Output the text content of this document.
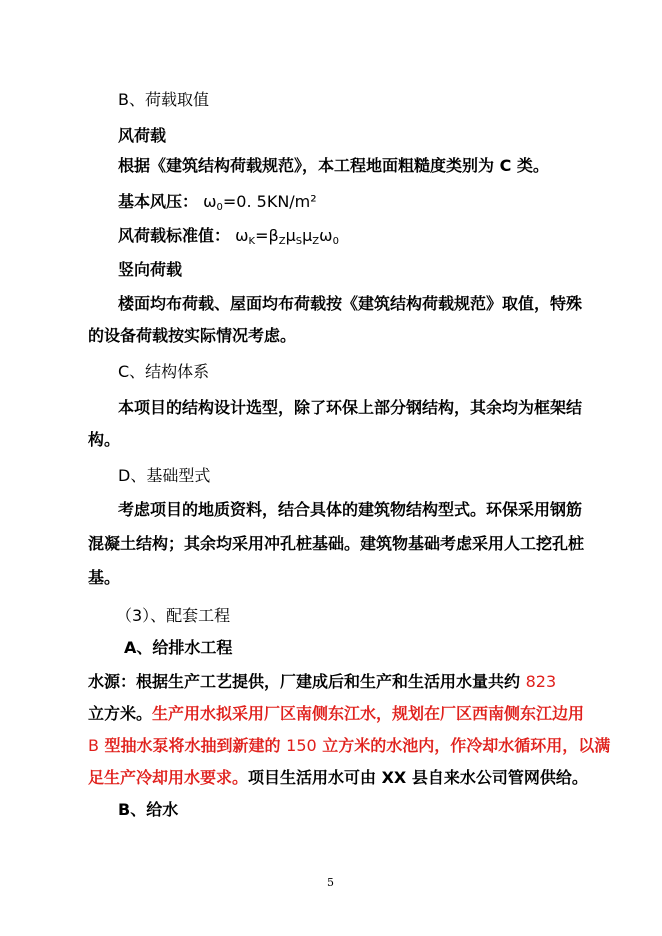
B、荷载取值
风荷载
根据《建筑结构荷载规范》，本工程地面粗糙度类别为 C 类。
基本风压： $\omega_0=0$. 5KN/m²
风荷载标准值： $\omega_K=\beta_Z\mu_S\mu_Z\omega_0$
竖向荷载
楼面均布荷载、屋面均布荷载按《建筑结构荷载规范》取值，特殊
的设备荷载按实际情况考虑。
C、结构体系
本项目的结构设计选型，除了环保上部分钢结构，其余均为框架结
构。
D、基础型式
考虑项目的地质资料，结合具体的建筑物结构型式。环保采用钢筋
混凝土结构；其余均采用冲孔桩基础。建筑物基础考虑采用人工挖孔桩
基。
（3）、配套工程
A、给排水工程
水源：根据生产工艺提供，厂建成后和生产和生活用水量共约 823
立方米。生产用水拟采用厂区南侧东江水，规划在厂区西南侧东江边用
B 型抽水泵将水抽到新建的 150 立方米的水池内，作冷却水循环用，以满
足生产冷却用水要求。项目生活用水可由 XX 县自来水公司管网供给。
B、给水
5
